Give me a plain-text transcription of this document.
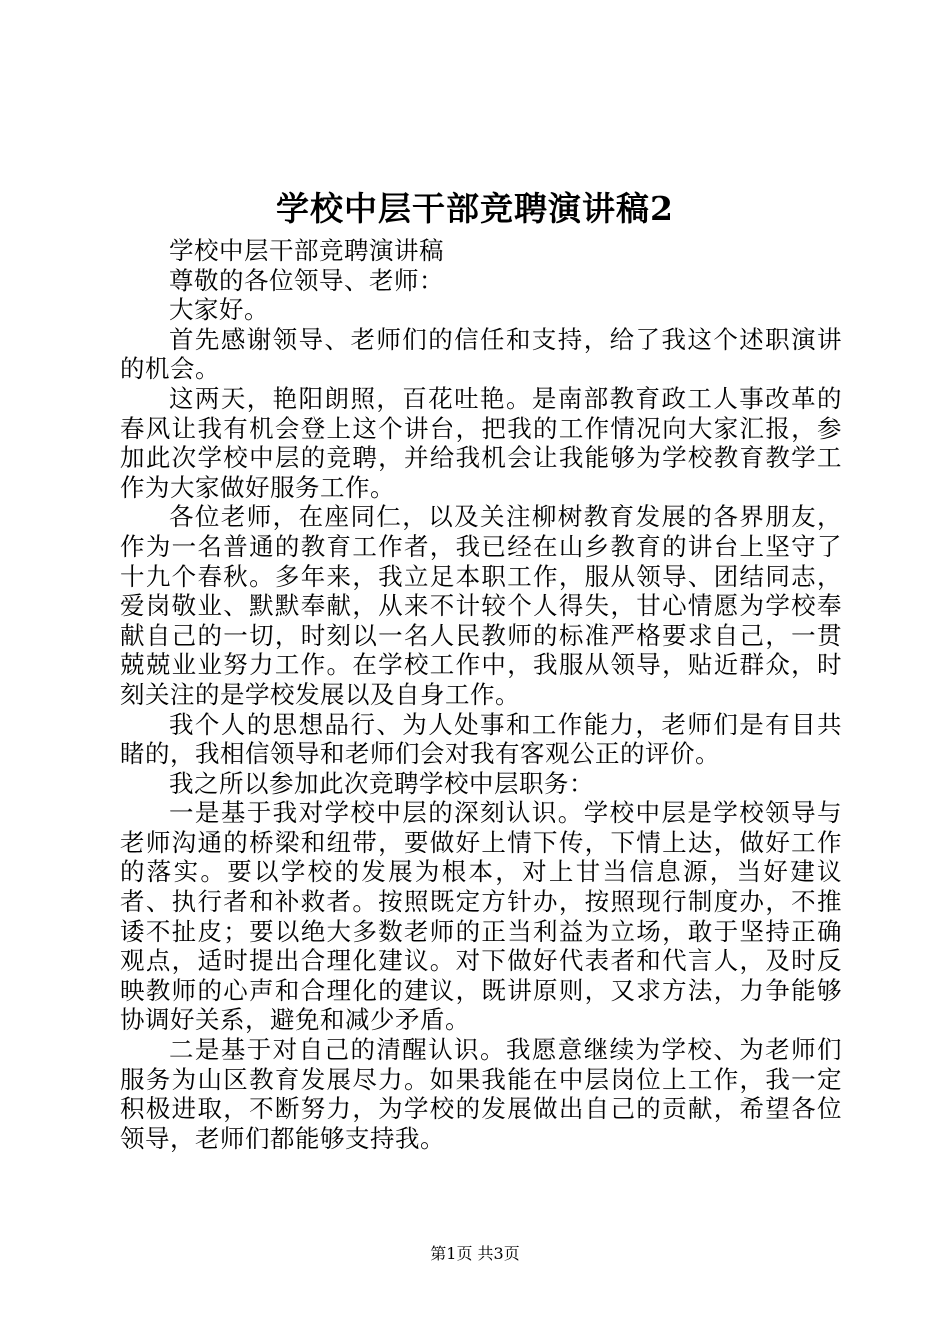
学校中层干部竞聘演讲稿2

学校中层干部竞聘演讲稿

尊敬的各位领导、老师：

大家好。

首先感谢领导、老师们的信任和支持，给了我这个述职演讲的机会。

这两天，艳阳朗照，百花吐艳。是南部教育政工人事改革的春风让我有机会登上这个讲台，把我的工作情况向大家汇报，参加此次学校中层的竞聘，并给我机会让我能够为学校教育教学工作为大家做好服务工作。

各位老师，在座同仁，以及关注柳树教育发展的各界朋友，作为一名普通的教育工作者，我已经在山乡教育的讲台上坚守了十九个春秋。多年来，我立足本职工作，服从领导、团结同志，爱岗敬业、默默奉献，从来不计较个人得失，甘心情愿为学校奉献自己的一切，时刻以一名人民教师的标准严格要求自己，一贯兢兢业业努力工作。在学校工作中，我服从领导，贴近群众，时刻关注的是学校发展以及自身工作。

我个人的思想品行、为人处事和工作能力，老师们是有目共睹的，我相信领导和老师们会对我有客观公正的评价。

我之所以参加此次竞聘学校中层职务：

一是基于我对学校中层的深刻认识。学校中层是学校领导与老师沟通的桥梁和纽带，要做好上情下传，下情上达，做好工作的落实。要以学校的发展为根本，对上甘当信息源，当好建议者、执行者和补救者。按照既定方针办，按照现行制度办，不推诿不扯皮；要以绝大多数老师的正当利益为立场，敢于坚持正确观点，适时提出合理化建议。对下做好代表者和代言人，及时反映教师的心声和合理化的建议，既讲原则，又求方法，力争能够协调好关系，避免和减少矛盾。

二是基于对自己的清醒认识。我愿意继续为学校、为老师们服务为山区教育发展尽力。如果我能在中层岗位上工作，我一定积极进取，不断努力，为学校的发展做出自己的贡献，希望各位领导，老师们都能够支持我。

第1页 共3页
